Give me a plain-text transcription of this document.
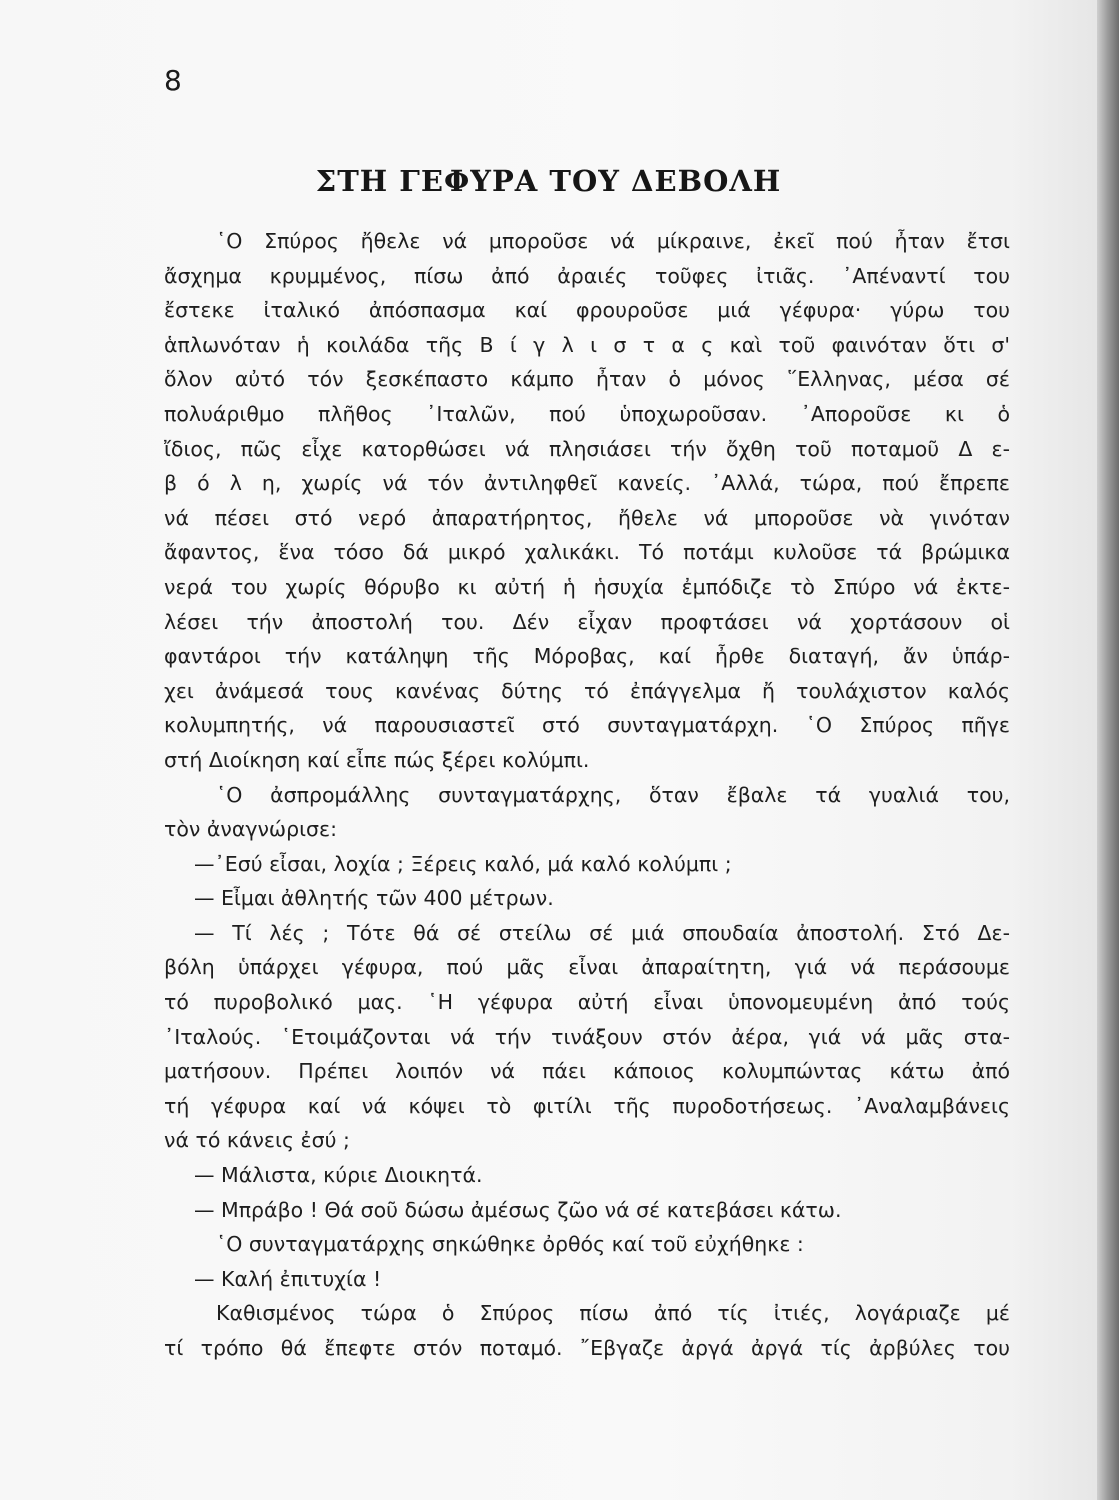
8
ΣΤΗ ΓΕΦΥΡΑ ΤΟΥ ΔΕΒΟΛΗ
῾Ο Σπύρος ἤθελε νά μποροῦσε νά μίκραινε, ἐκεῖ πού ἦταν ἔτσι
ἄσχημα κρυμμένος, πίσω ἀπό ἀραιές τοῦφες ἰτιᾶς. ᾿Απέναντί του
ἔστεκε ἰταλικό ἀπόσπασμα καί φρουροῦσε μιά γέφυρα· γύρω του
ἁπλωνόταν ἡ κοιλάδα τῆς Β ί γ λ ι σ τ α ς καὶ τοῦ φαινόταν ὅτι σ'
ὅλον αὐτό τόν ξεσκέπαστο κάμπο ἦταν ὁ μόνος ῞Ελληνας, μέσα σέ
πολυάριθμο πλῆθος ᾿Ιταλῶν, πού ὑποχωροῦσαν. ᾿Αποροῦσε κι ὁ
ἴδιος, πῶς εἶχε κατορθώσει νά πλησιάσει τήν ὄχθη τοῦ ποταμοῦ Δ ε-
β ό λ η, χωρίς νά τόν ἀντιληφθεῖ κανείς. ᾿Αλλά, τώρα, πού ἔπρεπε
νά πέσει στό νερό ἀπαρατήρητος, ἤθελε νά μποροῦσε νὰ γινόταν
ἄφαντος, ἕνα τόσο δά μικρό χαλικάκι. Τό ποτάμι κυλοῦσε τά βρώμικα
νερά του χωρίς θόρυβο κι αὐτή ἡ ἡσυχία ἐμπόδιζε τὸ Σπύρο νά ἐκτε-
λέσει τήν ἀποστολή του. Δέν εἶχαν προφτάσει νά χορτάσουν οἱ
φαντάροι τήν κατάληψη τῆς Μόροβας, καί ἦρθε διαταγή, ἄν ὑπάρ-
χει ἀνάμεσά τους κανένας δύτης τό ἐπάγγελμα ἤ τουλάχιστον καλός
κολυμπητής, νά παρουσιαστεῖ στό συνταγματάρχη. ῾Ο Σπύρος πῆγε
στή Διοίκηση καί εἶπε πώς ξέρει κολύμπι.
῾Ο ἀσπρομάλλης συνταγματάρχης, ὅταν ἔβαλε τά γυαλιά του,
τὸν ἀναγνώρισε:
—᾿Εσύ εἶσαι, λοχία ; Ξέρεις καλό, μά καλό κολύμπι ;
— Εἶμαι ἀθλητής τῶν 400 μέτρων.
— Τί λές ; Τότε θά σέ στείλω σέ μιά σπουδαία ἀποστολή. Στό Δε-
βόλη ὑπάρχει γέφυρα, πού μᾶς εἶναι ἀπαραίτητη, γιά νά περάσουμε
τό πυροβολικό μας. ῾Η γέφυρα αὐτή εἶναι ὑπονομευμένη ἀπό τούς
᾿Ιταλούς. ῾Ετοιμάζονται νά τήν τινάξουν στόν ἀέρα, γιά νά μᾶς στα-
ματήσουν. Πρέπει λοιπόν νά πάει κάποιος κολυμπώντας κάτω ἀπό
τή γέφυρα καί νά κόψει τὸ φιτίλι τῆς πυροδοτήσεως. ᾿Αναλαμβάνεις
νά τό κάνεις ἐσύ ;
— Μάλιστα, κύριε Διοικητά.
— Μπράβο ! Θά σοῦ δώσω ἀμέσως ζῶο νά σέ κατεβάσει κάτω.
῾Ο συνταγματάρχης σηκώθηκε ὀρθός καί τοῦ εὐχήθηκε :
— Καλή ἐπιτυχία !
Καθισμένος τώρα ὁ Σπύρος πίσω ἀπό τίς ἰτιές, λογάριαζε μέ
τί τρόπο θά ἔπεφτε στόν ποταμό. ῎Εβγαζε ἀργά ἀργά τίς ἀρβύλες του
